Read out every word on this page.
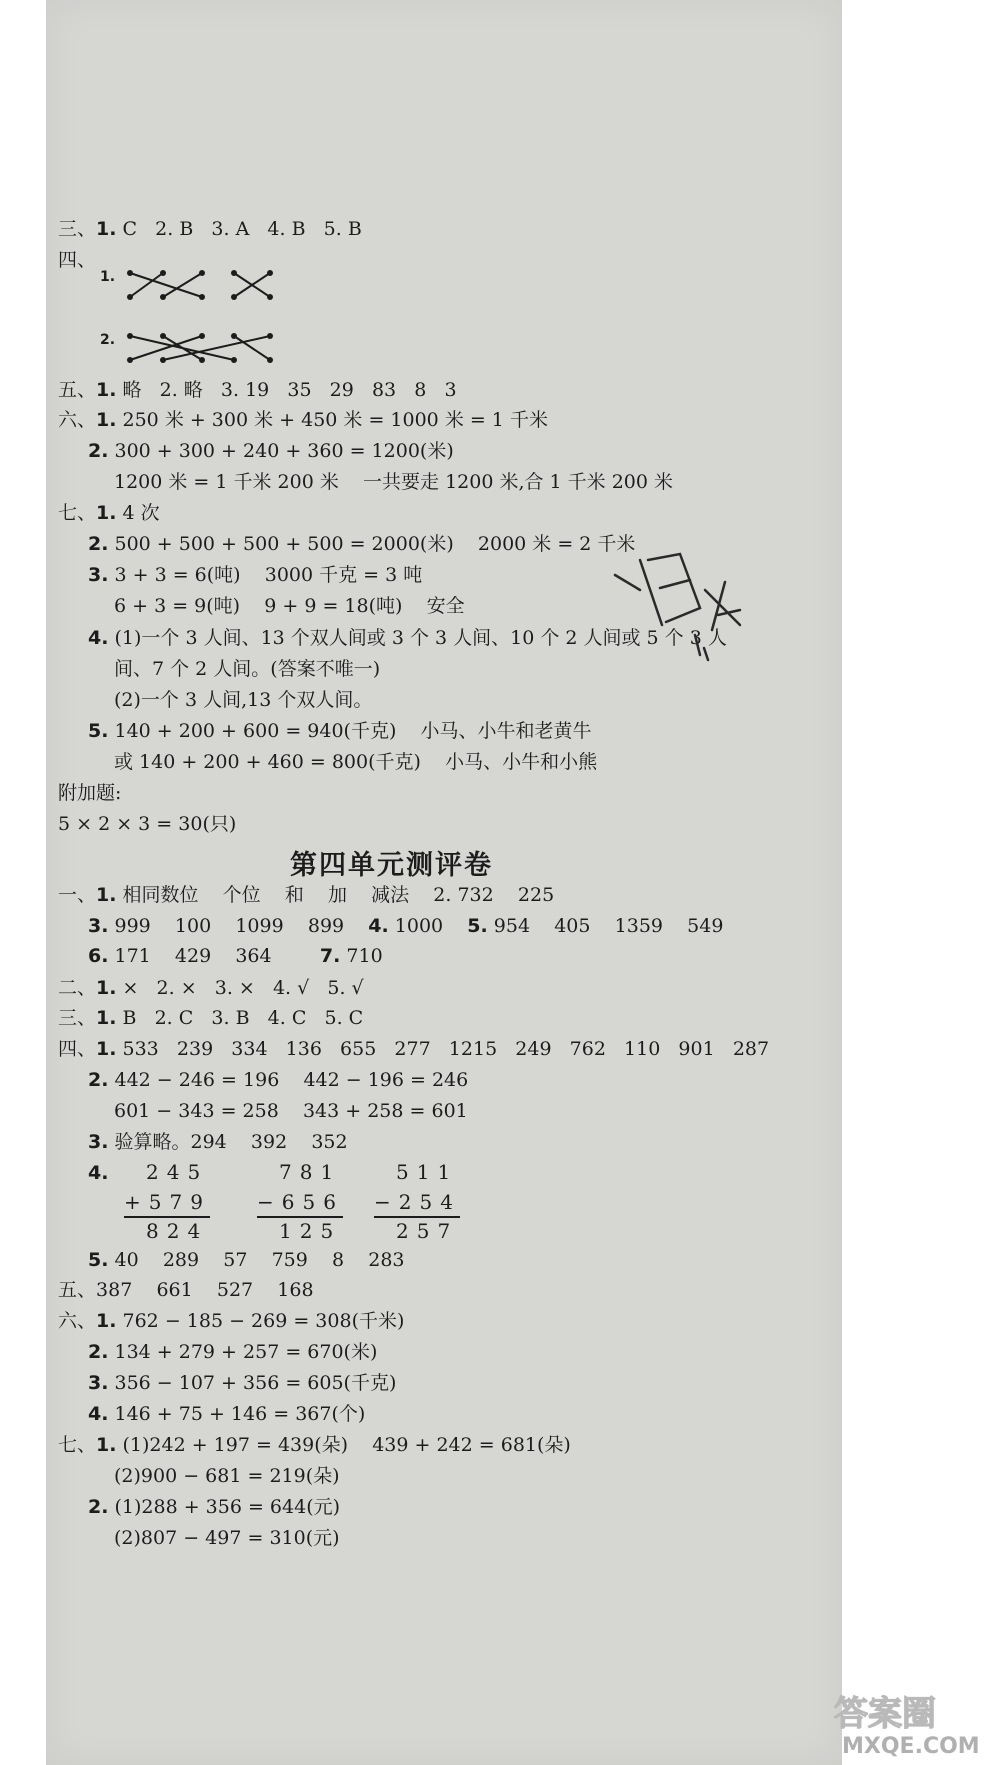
三、1. C   2. B   3. A   4. B   5. B
四、
1.
2.
五、1. 略   2. 略   3. 19   35   29   83   8   3
六、1. 250 米 + 300 米 + 450 米 = 1000 米 = 1 千米
2. 300 + 300 + 240 + 360 = 1200(米)
1200 米 = 1 千米 200 米    一共要走 1200 米,合 1 千米 200 米
七、1. 4 次
2. 500 + 500 + 500 + 500 = 2000(米)    2000 米 = 2 千米
3. 3 + 3 = 6(吨)    3000 千克 = 3 吨
6 + 3 = 9(吨)    9 + 9 = 18(吨)    安全
4. (1)一个 3 人间、13 个双人间或 3 个 3 人间、10 个 2 人间或 5 个 3 人
间、7 个 2 人间。(答案不唯一)
(2)一个 3 人间,13 个双人间。
5. 140 + 200 + 600 = 940(千克)    小马、小牛和老黄牛
或 140 + 200 + 460 = 800(千克)    小马、小牛和小熊
附加题:
5 × 2 × 3 = 30(只)
第四单元测评卷
一、1. 相同数位    个位    和    加    减法    2. 732    225
3. 999    100    1099    899    4. 1000    5. 954    405    1359    549
6. 171    429    364        7. 710
二、1. ×   2. ×   3. ×   4. √   5. √
三、1. B   2. C   3. B   4. C   5. C
四、1. 533   239   334   136   655   277   1215   249   762   110   901   287
2. 442 − 246 = 196    442 − 196 = 246
601 − 343 = 258    343 + 258 = 601
3. 验算略。294    392    352
4. 245
+579
824
781
−656
125
511
−254
257
5. 40    289    57    759    8    283
五、387    661    527    168
六、1. 762 − 185 − 269 = 308(千米)
2. 134 + 279 + 257 = 670(米)
3. 356 − 107 + 356 = 605(千克)
4. 146 + 75 + 146 = 367(个)
七、1. (1)242 + 197 = 439(朵)    439 + 242 = 681(朵)
(2)900 − 681 = 219(朵)
2. (1)288 + 356 = 644(元)
(2)807 − 497 = 310(元)
答案圈
MXQE.COM
